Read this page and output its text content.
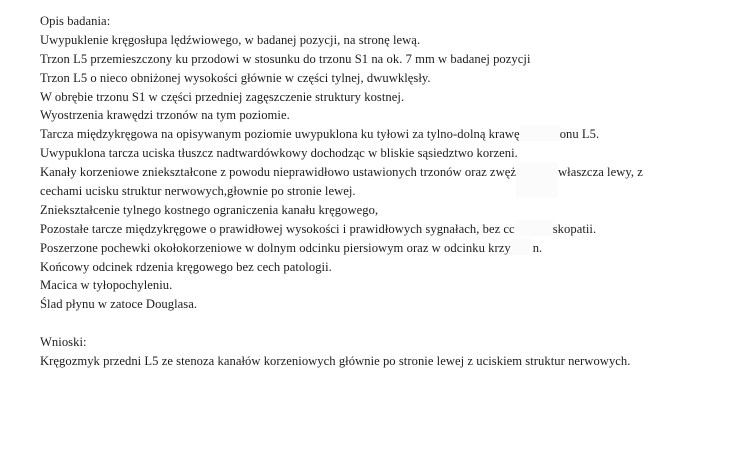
Opis badania:
Uwypuklenie kręgosłupa lędźwiowego, w badanej pozycji, na stronę lewą.
Trzon L5 przemieszczony ku przodowi w stosunku do trzonu S1 na ok. 7 mm w badanej pozycji
Trzon L5 o nieco obniżonej wysokości głównie w części tylnej, dwuwklęsły.
W obrębie trzonu S1 w części przedniej zagęszczenie struktury kostnej.
Wyostrzenia krawędzi trzonów na tym poziomie.
Tarcza międzykręgowa na opisywanym poziomie uwypuklona ku tyłowi za tylno-dolną krawę	onu L5.
Uwypuklona tarcza uciska tłuszcz nadtwardówkowy dochodząc w bliskie sąsiedztwo korzeni.
Kanały korzeniowe zniekształcone z powodu nieprawidłowo ustawionych trzonów oraz zwęż	właszcza lewy, z
cechami ucisku struktur nerwowych,głownie po stronie lewej.
Zniekształcenie tylnego kostnego ograniczenia kanału kręgowego,
Pozostałe tarcze międzykręgowe o prawidłowej wysokości i prawidłowych sygnałach, bez cc	skopatii.
Poszerzone pochewki okołokorzeniowe w dolnym odcinku piersiowym oraz w odcinku krzy n.
Końcowy odcinek rdzenia kręgowego bez cech patologii.
Macica w tyłopochyleniu.
Ślad płynu w zatoce Douglasa.
Wnioski:
Kręgozmyk przedni L5 ze stenoza kanałów korzeniowych głównie po stronie lewej z uciskiem struktur nerwowych.
